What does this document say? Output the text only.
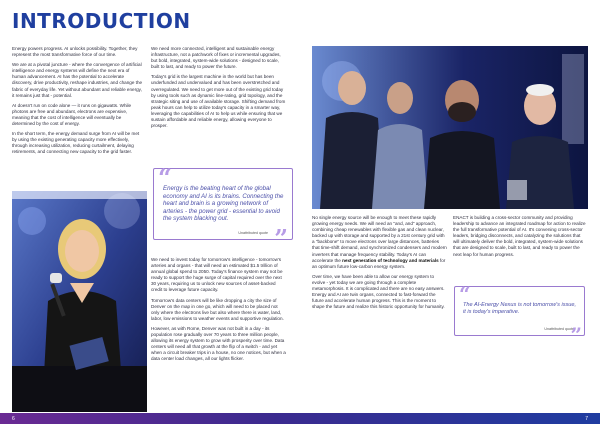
INTRODUCTION

Energy powers progress. AI unlocks possibility. Together, they represent the most transformative force of our time.

We are at a pivotal juncture - where the convergence of artificial intelligence and energy systems will define the next era of human advancement. AI has the potential to accelerate discovery, drive productivity, reshape industries, and change the fabric of everyday life. Yet without abundant and reliable energy, it remains just that - potential.

AI doesn't run on code alone — it runs on gigawatts. While photons are free and abundant, electrons are expensive, meaning that the cost of intelligence will eventually be determined by the cost of energy.

In the short term, the energy demand surge from AI will be met by using the existing generating capacity more effectively, through increasing utilization, reducing curtailment, delaying retirements, and connecting new capacity to the grid faster.

We need more connected, intelligent and sustainable energy infrastructure, not a patchwork of fixes or incremental upgrades, but bold, integrated, system-wide solutions - designed to scale, built to last, and ready to power the future.

Today's grid is the largest machine in the world but has been underfunded and undervalued and has been overstretched and overregulated. We need to get more out of the existing grid today by using tools such as dynamic line-rating, grid topology, and the strategic siting and use of available storage. Shifting demand from peak hours can help to utilize today's capacity in a smarter way, leveraging the capabilities of AI to help us while ensuring that we sustain affordable and reliable energy, allowing everyone to prosper.

“
Energy is the beating heart of the global economy and AI is its brains. Connecting the heart and brain is a growing network of arteries - the power grid - essential to avoid the system blacking out.
Unattributed quote ”

We need to invest today for tomorrow's intelligence - tomorrow's arteries and organs - that will need an estimated $1.5 trillion of annual global spend to 2050. Today's finance system may not be ready to support the huge surge of capital required over the next 30 years, requiring us to unlock new sources of asset-backed credit to leverage future capacity.

Tomorrow's data centers will be like dropping a city the size of Denver on the map in one go, which will need to be placed not only where the electrons live but also where there is water, land, labor, low emissions to weather events and supportive regulation.

However, as with Rome, Denver was not built in a day - its population rose gradually over 70 years to three million people, allowing its energy system to grow with prosperity over time. Data centers will need all that growth at the flip of a switch - and yet when a circuit breaker trips in a house, no one notices, but when a data center load changes, all our lights flicker.

No single energy source will be enough to meet these rapidly growing energy needs. We will need an "and, and" approach, combining cheap renewables with flexible gas and clean nuclear, backed up with storage and supported by a 21st century grid with a "backbone" to move electrons over large distances, batteries that time-shift demand, and synchronized condensers and modern inverters that manage frequency stability. Today's AI can accelerate the next generation of technology and materials for an optimum future low-carbon energy system.

Over time, we have been able to allow our energy system to evolve - yet today we are going through a complete metamorphosis. It is complicated and there are no easy answers. Energy and AI are twin organs, connected to fast-forward the future and accelerate human progress. This is the moment to shape the future and realize this historic opportunity for humanity.

ENACT is building a cross-sector community and providing leadership to advance an integrated roadmap for action to realize the full transformative potential of AI. It's convening cross-sector leaders, bridging disconnects, and catalyzing the solutions that will ultimately deliver the bold, integrated, system-wide solutions that are designed to scale, built to last, and ready to power the next leap for human progress.

“
The AI-Energy Nexus is not tomorrow's issue, it is today's imperative.
Unattributed quote
”
6	7
